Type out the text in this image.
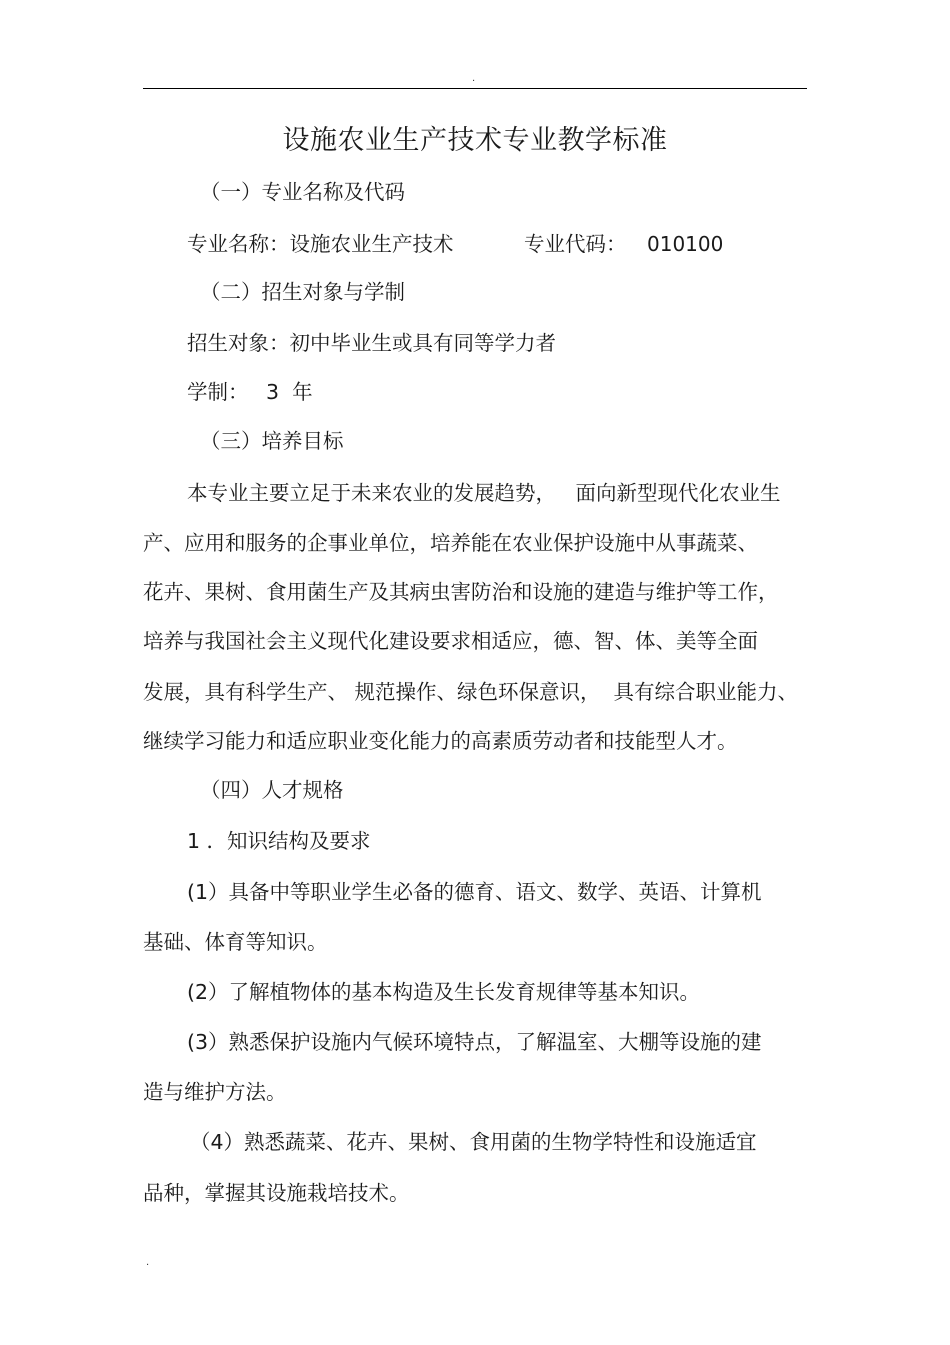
.
设施农业生产技术专业教学标准
（一）专业名称及代码
专业名称：设施农业生产技术	专业代码： 010100
（二）招生对象与学制
招生对象：初中毕业生或具有同等学力者
学制： 3  年
（三）培养目标
本专业主要立足于未来农业的发展趋势，   面向新型现代化农业生
产、应用和服务的企事业单位，培养能在农业保护设施中从事蔬菜、
花卉、果树、食用菌生产及其病虫害防治和设施的建造与维护等工作，
培养与我国社会主义现代化建设要求相适应，德、智、体、美等全面
发展，具有科学生产、 规范操作、绿色环保意识，  具有综合职业能力、
继续学习能力和适应职业变化能力的高素质劳动者和技能型人才。
（四）人才规格
1 ．知识结构及要求
(1）具备中等职业学生必备的德育、语文、数学、英语、计算机
基础、体育等知识。
(2）了解植物体的基本构造及生长发育规律等基本知识。
(3）熟悉保护设施内气候环境特点，了解温室、大棚等设施的建
造与维护方法。
（4）熟悉蔬菜、花卉、果树、食用菌的生物学特性和设施适宜
品种，掌握其设施栽培技术。
.
